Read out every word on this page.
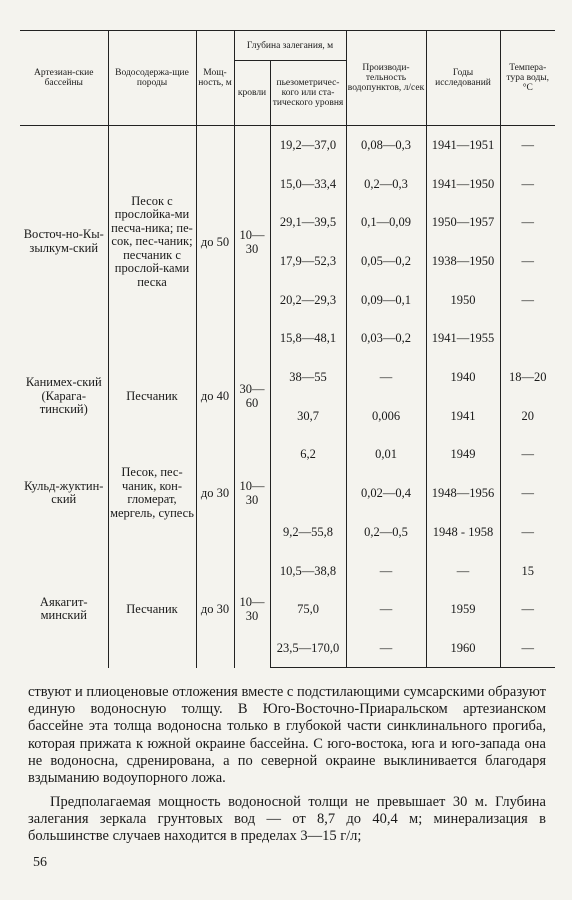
Артезиан-ские бассейны	Водосодержа-щие породы	Мощ-ность, м	Глубина залегания, м		Производи-тельность водопунктов, л/сек	Годы исследований	Темпера-тура воды, °С
			кровли	пьезометричес-кого или ста-тического уровня			
Восточ-но-Кы-зылкум-ский	Песок с прослойка-ми песча-ника; пе-сок, пес-чаник; песчаник с прослой-ками песка	до 50	10—30	19,2—37,0	0,08—0,3	1941—1951	—
				15,0—33,4	0,2—0,3	1941—1950	—
				29,1—39,5	0,1—0,09	1950—1957	—
				17,9—52,3	0,05—0,2	1938—1950	—
				20,2—29,3	0,09—0,1	1950	—
				15,8—48,1	0,03—0,2	1941—1955	
Канимех-ский (Карага-тинский)	Песчаник	до 40	30—60	38—55	—	1940	18—20
				30,7	0,006	1941	20
Кульд-жуктин-ский	Песок, пес-чаник, кон-гломерат, мергель, супесь	до 30	10—30	6,2	0,01	1949	—
					0,02—0,4	1948—1956	—
				9,2—55,8	0,2—0,5	1948 - 1958	—
Аякагит-минский	Песчаник	до 30	10—30	10,5—38,8	—	—	15
				75,0	—	1959	—
				23,5—170,0	—	1960	—

ствуют и плиоценовые отложения вместе с подстилающими сумсарскими образуют единую водоносную толщу. В Юго-Восточно-Приаральском артезианском бассейне эта толща водоносна только в глубокой части синклинального прогиба, которая прижата к южной окраине бассейна. С юго-востока, юга и юго-запада она не водоносна, сдренирована, а по северной окраине выклинивается благодаря вздыманию водоупорного ложа.

Предполагаемая мощность водоносной толщи не превышает 30 м. Глубина залегания зеркала грунтовых вод — от 8,7 до 40,4 м; минерализация в большинстве случаев находится в пределах 3—15 г/л;

56
